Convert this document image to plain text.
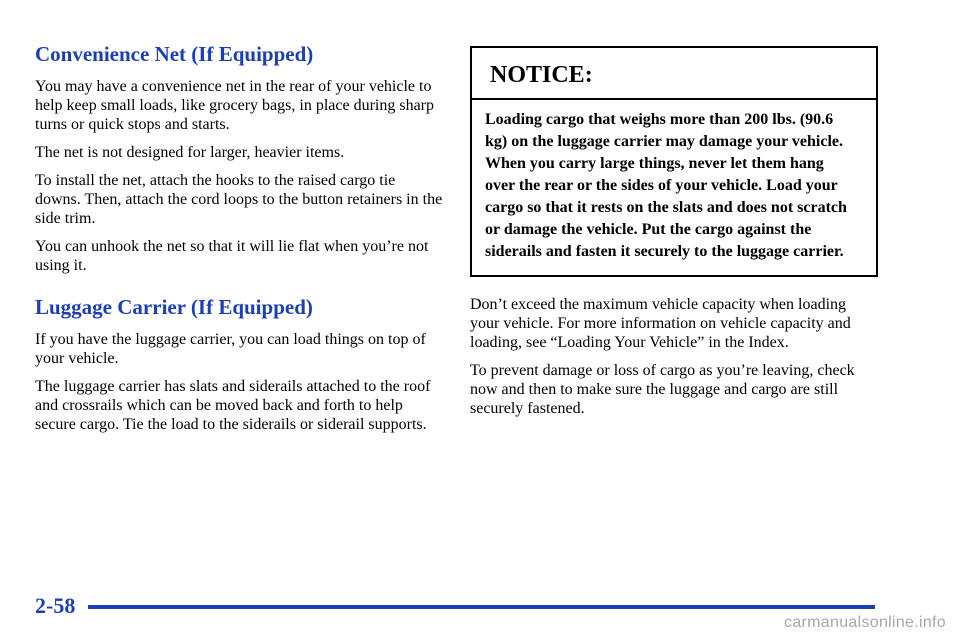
Convenience Net (If Equipped)

You may have a convenience net in the rear of your vehicle to help keep small loads, like grocery bags, in place during sharp turns or quick stops and starts.

The net is not designed for larger, heavier items.

To install the net, attach the hooks to the raised cargo tie downs. Then, attach the cord loops to the button retainers in the side trim.

You can unhook the net so that it will lie flat when you’re not using it.

Luggage Carrier (If Equipped)

If you have the luggage carrier, you can load things on top of your vehicle.

The luggage carrier has slats and siderails attached to the roof and crossrails which can be moved back and forth to help secure cargo. Tie the load to the siderails or siderail supports.

NOTICE:
Loading cargo that weighs more than 200 lbs. (90.6 kg) on the luggage carrier may damage your vehicle. When you carry large things, never let them hang over the rear or the sides of your vehicle. Load your cargo so that it rests on the slats and does not scratch or damage the vehicle. Put the cargo against the siderails and fasten it securely to the luggage carrier.

Don’t exceed the maximum vehicle capacity when loading your vehicle. For more information on vehicle capacity and loading, see “Loading Your Vehicle” in the Index.

To prevent damage or loss of cargo as you’re leaving, check now and then to make sure the luggage and cargo are still securely fastened.

2-58
carmanualsonline.info
